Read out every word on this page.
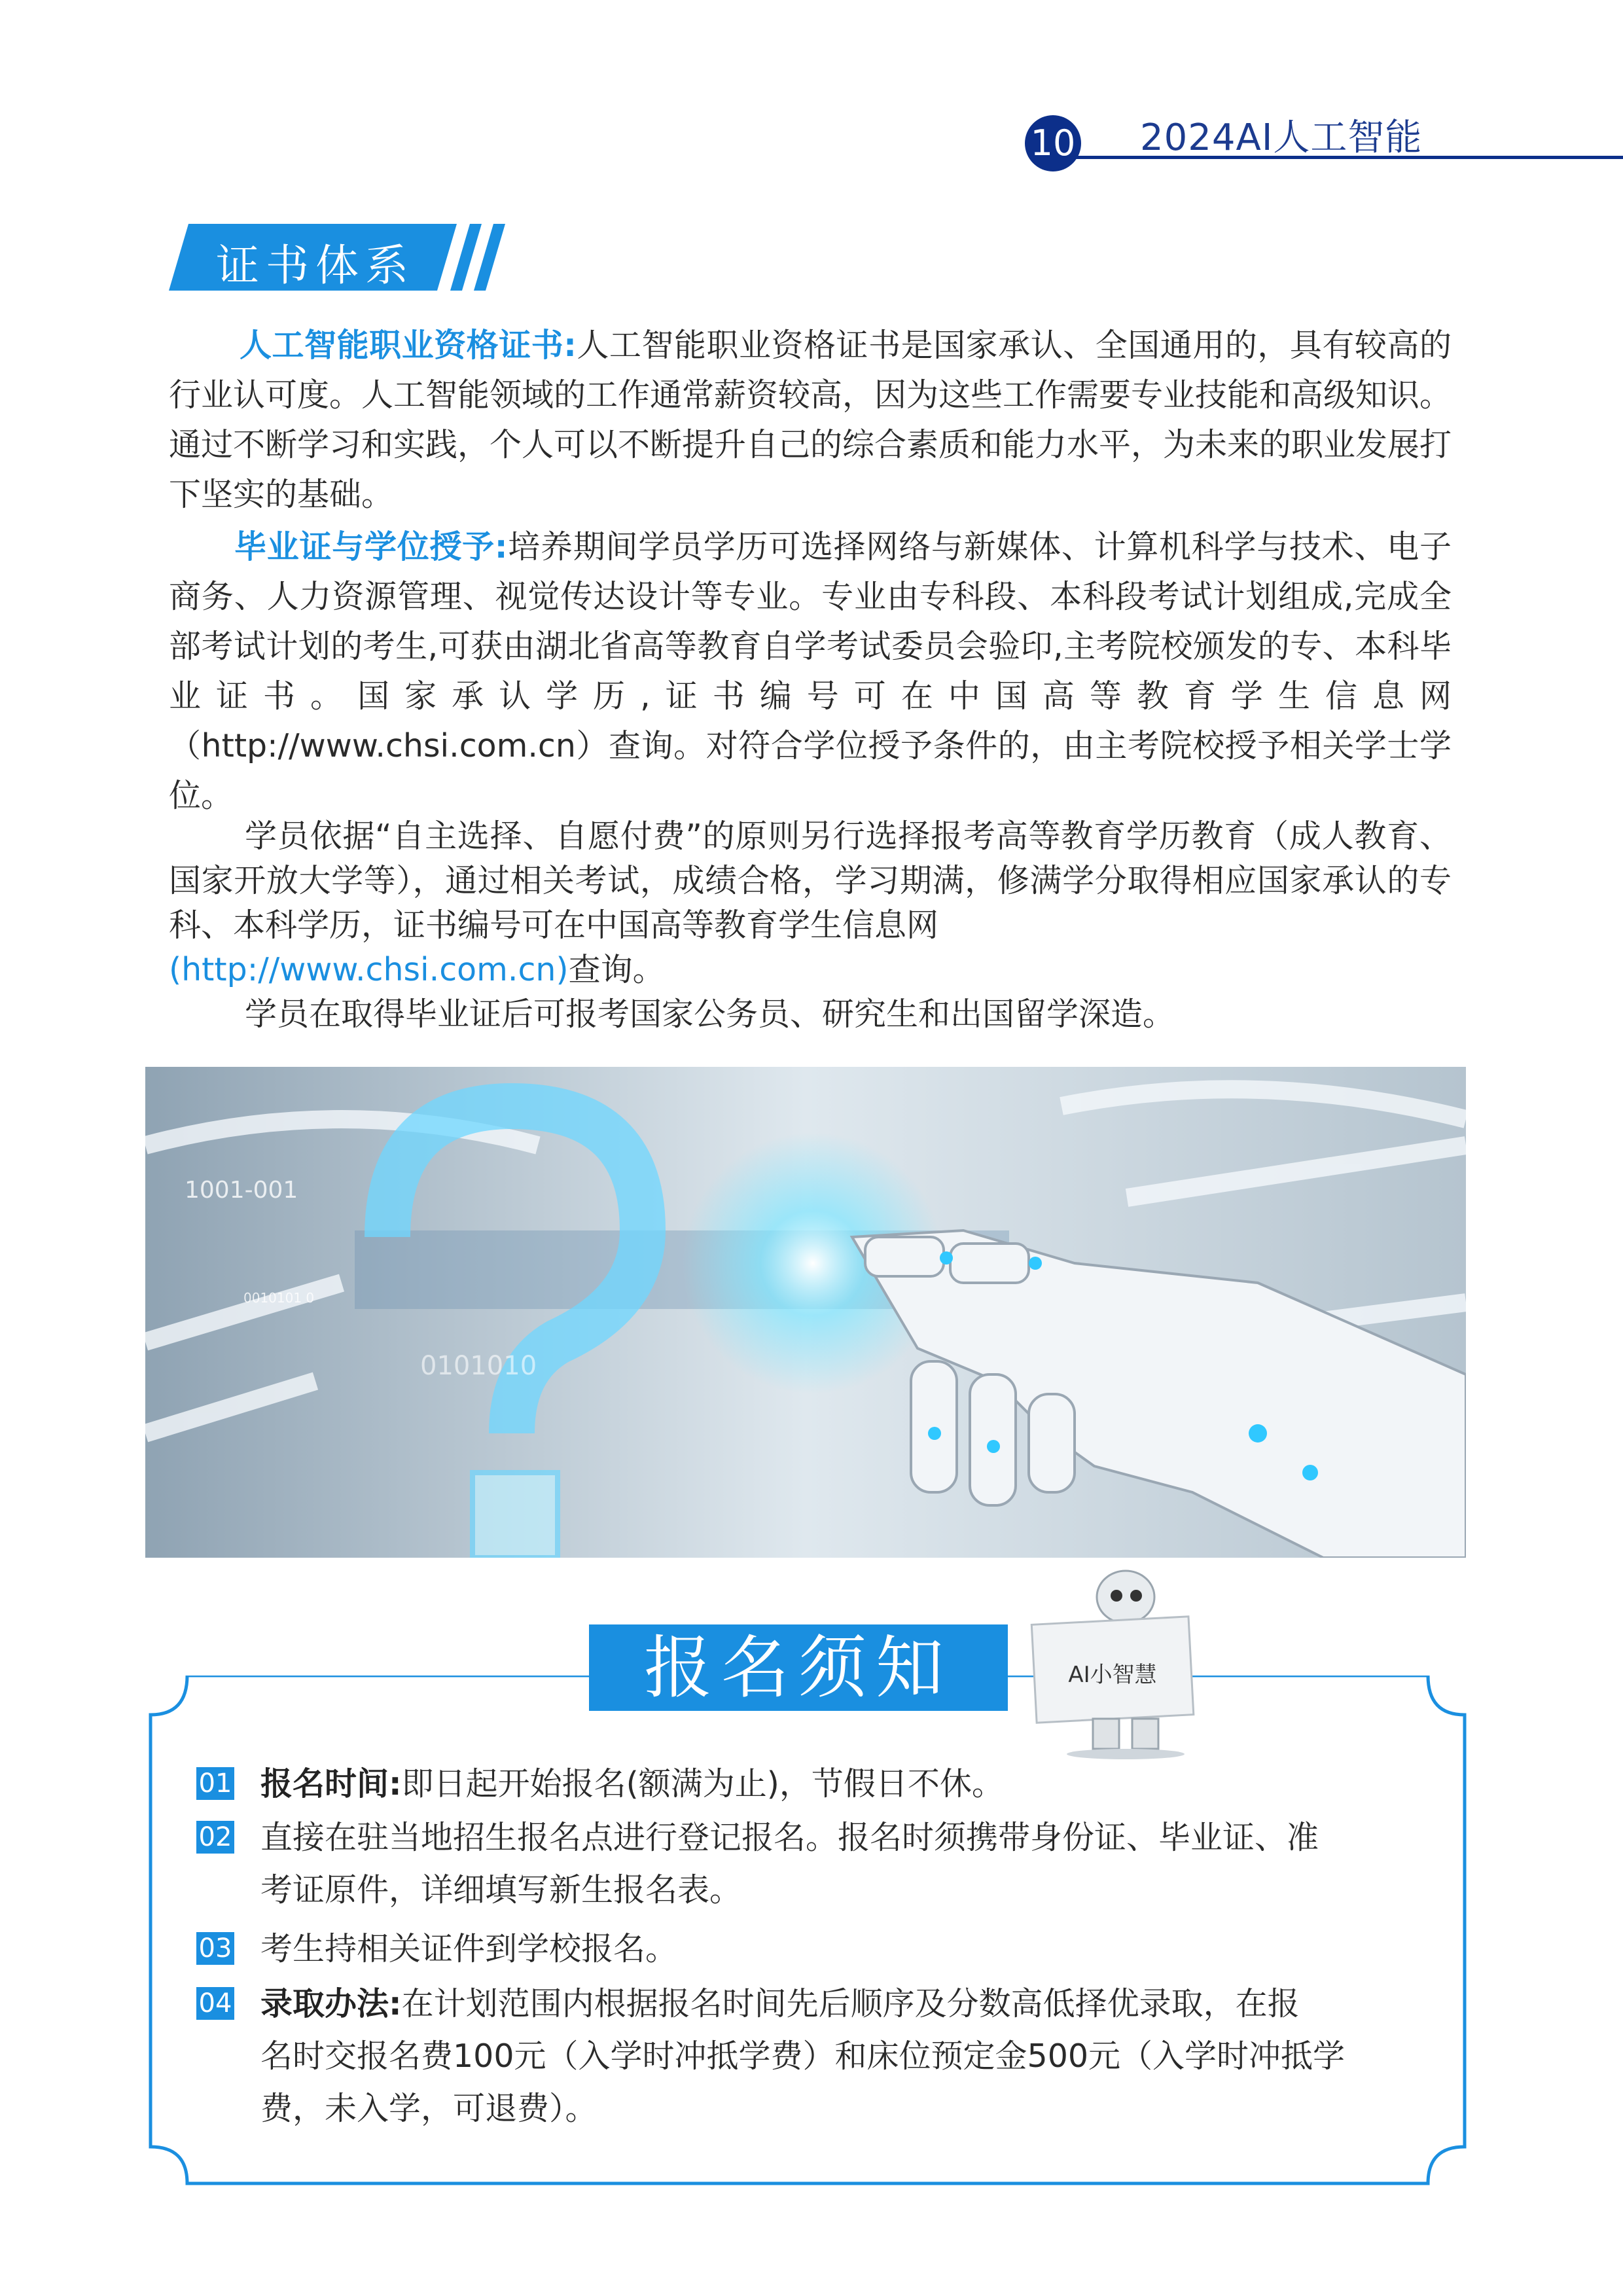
10 2024AI人工智能
证书体系
人工智能职业资格证书:人工智能职业资格证书是国家承认、全国通用的，具有较高的行业认可度。人工智能领域的工作通常薪资较高，因为这些工作需要专业技能和高级知识。通过不断学习和实践，个人可以不断提升自己的综合素质和能力水平，为未来的职业发展打下坚实的基础。
毕业证与学位授予:培养期间学员学历可选择网络与新媒体、计算机科学与技术、电子商务、人力资源管理、视觉传达设计等专业。专业由专科段、本科段考试计划组成,完成全部考试计划的考生,可获由湖北省高等教育自学考试委员会验印,主考院校颁发的专、本科毕业证书。国家承认学历,证书编号可在中国高等教育学生信息网（http://www.chsi.com.cn）查询。对符合学位授予条件的，由主考院校授予相关学士学位。
学员依据“自主选择、自愿付费”的原则另行选择报考高等教育学历教育（成人教育、国家开放大学等），通过相关考试，成绩合格，学习期满，修满学分取得相应国家承认的专科、本科学历，证书编号可在中国高等教育学生信息网
(http://www.chsi.com.cn)查询。
学员在取得毕业证后可报考国家公务员、研究生和出国留学深造。
1001-001
0010101 0
0101010
报名须知	AI小智慧
01 报名时间:即日起开始报名(额满为止)，节假日不休。
02 直接在驻当地招生报名点进行登记报名。报名时须携带身份证、毕业证、准
考证原件，详细填写新生报名表。
03 考生持相关证件到学校报名。
04 录取办法:在计划范围内根据报名时间先后顺序及分数高低择优录取，在报
名时交报名费100元（入学时冲抵学费）和床位预定金500元（入学时冲抵学
费，未入学，可退费）。
